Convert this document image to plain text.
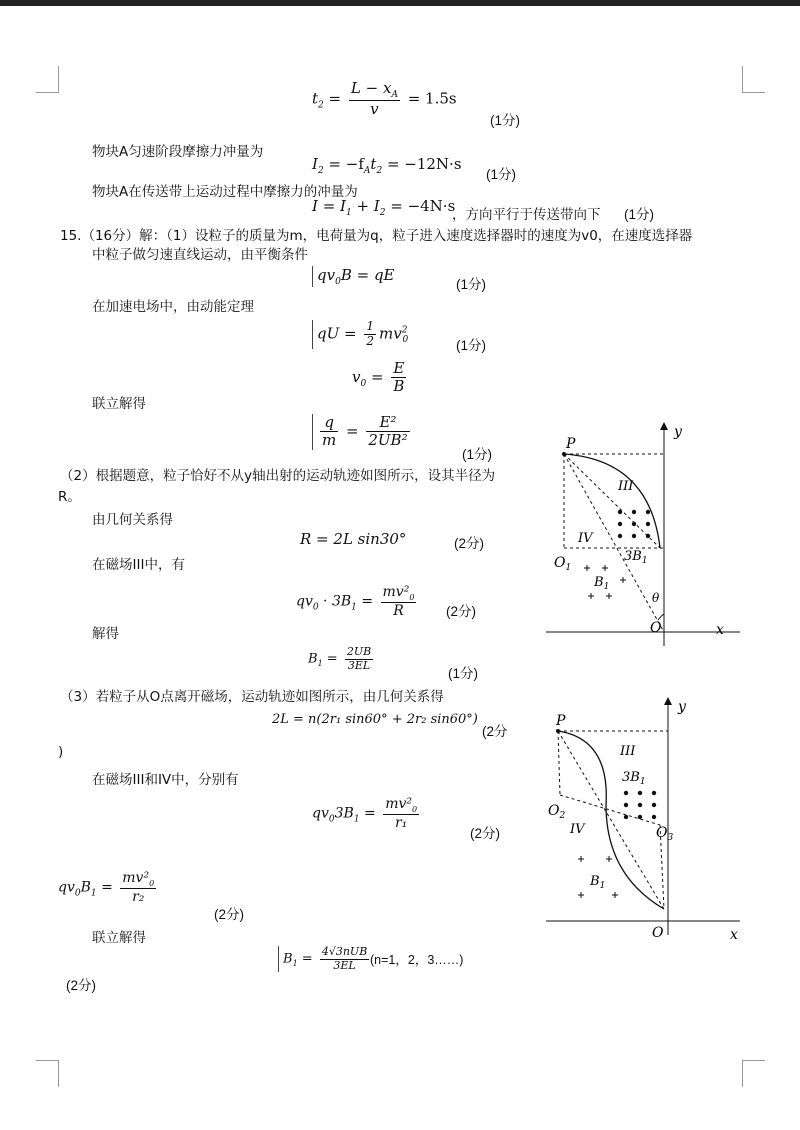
$t_2 = \frac{L - x_A}{v} = 1.5s$
(1分)
物块A匀速阶段摩擦力冲量为
$I_2 = -f_At_2 = -12N\cdot s$
(1分)
物块A在传送带上运动过程中摩擦力的冲量为
$I = I_1 + I_2 = -4N\cdot s$
，方向平行于传送带向下 (1分)
15.（16分）解：（1）设粒子的质量为m，电荷量为q，粒子进入速度选择器时的速度为v0，在速度选择器
中粒子做匀速直线运动，由平衡条件
$qv_0B$ = qE
(1分)
在加速电场中，由动能定理
qU = $\frac{1}{2} mv^2_0$	(1分)
$v_0 = \frac{E}{B}$
联立解得
$\frac{q}{m} = \frac{\text{E²}}{\text{2UB²}}$
(1分)
（2）根据题意，粒子恰好不从y轴出射的运动轨迹如图所示，设其半径为
R。
由几何关系得
R = 2L sin30°	(2分)
在磁场III中，有
$qv_0 \cdot 3B_1 = \frac{mv^2_0}{R} (2$分)
解得
$B_1 = \frac{2UB}{3EL}$
(1分)
（3）若粒子从O点离开磁场，运动轨迹如图所示，由几何关系得
2L = n(2r₁ sin60° + 2r₂ sin60°)
(2分
)
在磁场III和IV中，分别有
$qv_03B_1 = \frac{mv^2_0}{\text{r₁}}$
(2分)
$qv_0B_1 = \frac{mv^2_0}{\text{r₂}}$
(2分)
联立解得
$B_1 = \frac{\text{4√3nUB}}{3EL} (n=1$，2，3……)
(2分)
P
y
x
O
III
IV
$3B_1$
$O_1$
$B_1$
θ
P
y
x
O
III
$3B_1$
$O_2$
IV	$O_3$
$B_1$
